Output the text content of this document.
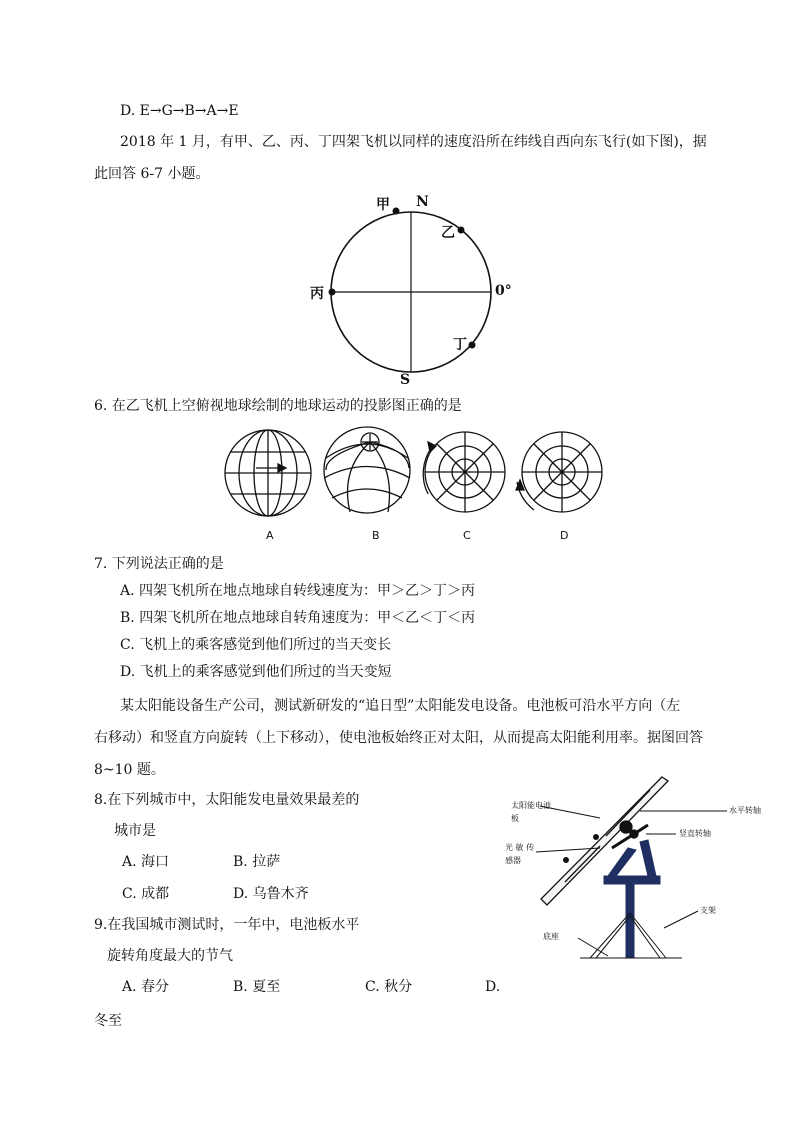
D. E→G→B→A→E
2018 年 1 月，有甲、乙、丙、丁四架飞机以同样的速度沿所在纬线自西向东飞行(如下图)，据
此回答 6-7 小题。
甲 N
乙
丙	0°
丁
S
6. 在乙飞机上空俯视地球绘制的地球运动的投影图正确的是
A	B	C	D
7. 下列说法正确的是
A. 四架飞机所在地点地球自转线速度为：甲＞乙＞丁＞丙
B. 四架飞机所在地点地球自转角速度为：甲＜乙＜丁＜丙
C. 飞机上的乘客感觉到他们所过的当天变长
D. 飞机上的乘客感觉到他们所过的当天变短
某太阳能设备生产公司，测试新研发的“追日型”太阳能发电设备。电池板可沿水平方向（左
右移动）和竖直方向旋转（上下移动），使电池板始终正对太阳，从而提高太阳能利用率。据图回答
8~10 题。
8.在下列城市中，太阳能发电量效果最差的
城市是
A. 海口	B. 拉萨
C. 成都	D. 乌鲁木齐
9.在我国城市测试时，一年中，电池板水平
旋转角度最大的节气
A. 春分	B. 夏至	C. 秋分	D.
冬至
太阳能电池
板
水平转轴
竖直转轴
光 敏 传
感器
支架
底座
